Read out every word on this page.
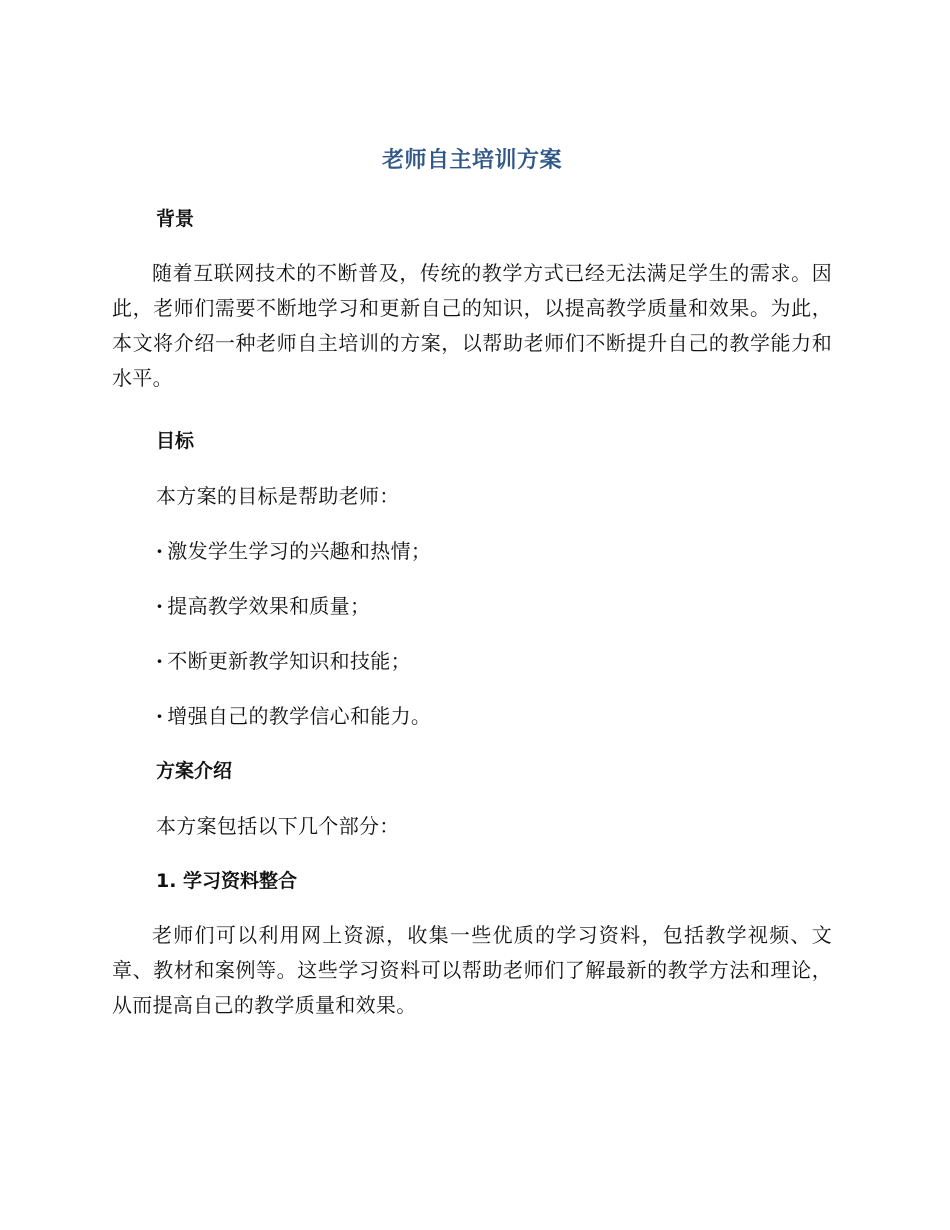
老师自主培训方案
背景

随着互联网技术的不断普及，传统的教学方式已经无法满足学生的需求。因此，老师们需要不断地学习和更新自己的知识，以提高教学质量和效果。为此，本文将介绍一种老师自主培训的方案，以帮助老师们不断提升自己的教学能力和水平。

目标

本方案的目标是帮助老师：

· 激发学生学习的兴趣和热情；

· 提高教学效果和质量；

· 不断更新教学知识和技能；

· 增强自己的教学信心和能力。

方案介绍

本方案包括以下几个部分：

1. 学习资料整合

老师们可以利用网上资源，收集一些优质的学习资料，包括教学视频、文章、教材和案例等。这些学习资料可以帮助老师们了解最新的教学方法和理论，从而提高自己的教学质量和效果。
